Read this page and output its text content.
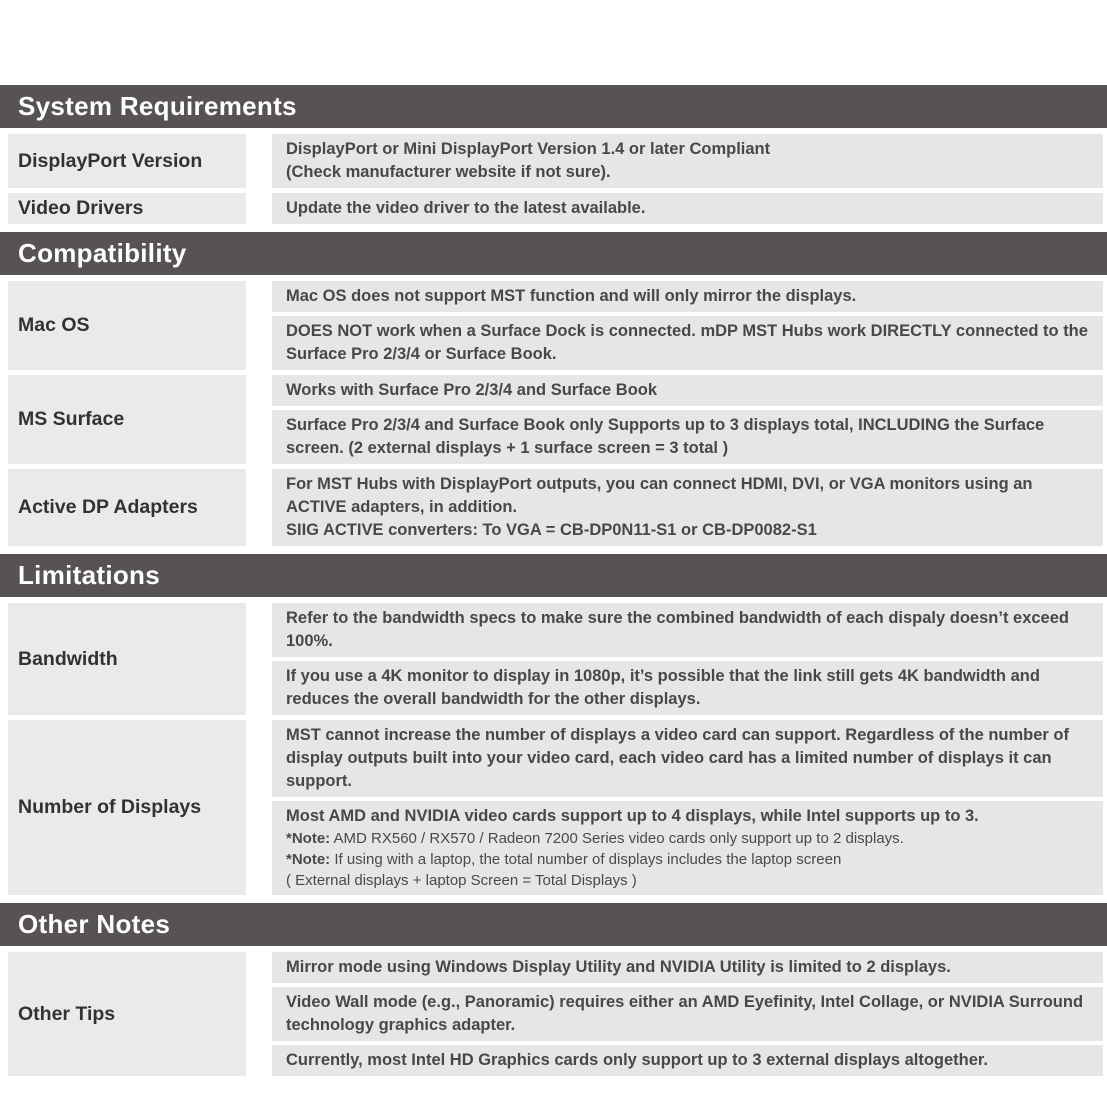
System Requirements
DisplayPort Version

DisplayPort or Mini DisplayPort Version 1.4 or later Compliant

(Check manufacturer website if not sure).

Video Drivers	Update the video driver to the latest available.

Compatibility
Mac OS

Mac OS does not support MST function and will only mirror the displays.

DOES NOT work when a Surface Dock is connected. mDP MST Hubs work DIRECTLY connected to the Surface Pro 2/3/4 or Surface Book.

MS Surface

Works with Surface Pro 2/3/4 and Surface Book

Surface Pro 2/3/4 and Surface Book only Supports up to 3 displays total, INCLUDING the Surface screen. (2 external displays + 1 surface screen = 3 total )

Active DP Adapters

For MST Hubs with DisplayPort outputs, you can connect HDMI, DVI, or VGA monitors using an ACTIVE adapters, in addition.

SIIG ACTIVE converters: To VGA = CB-DP0N11-S1 or CB-DP0082-S1

Limitations
Bandwidth

Refer to the bandwidth specs to make sure the combined bandwidth of each dispaly doesn’t exceed 100%.

If you use a 4K monitor to display in 1080p, it’s possible that the link still gets 4K bandwidth and reduces the overall bandwidth for the other displays.

Number of Displays

MST cannot increase the number of displays a video card can support. Regardless of the number of display outputs built into your video card, each video card has a limited number of displays it can support.

Most AMD and NVIDIA video cards support up to 4 displays, while Intel supports up to 3.

*Note: AMD RX560 / RX570 / Radeon 7200 Series video cards only support up to 2 displays.

*Note: If using with a laptop, the total number of displays includes the laptop screen

( External displays + laptop Screen = Total Displays )

Other Notes
Other Tips

Mirror mode using Windows Display Utility and NVIDIA Utility is limited to 2 displays.

Video Wall mode (e.g., Panoramic) requires either an AMD Eyefinity, Intel Collage, or NVIDIA Surround technology graphics adapter.

Currently, most Intel HD Graphics cards only support up to 3 external displays altogether.
